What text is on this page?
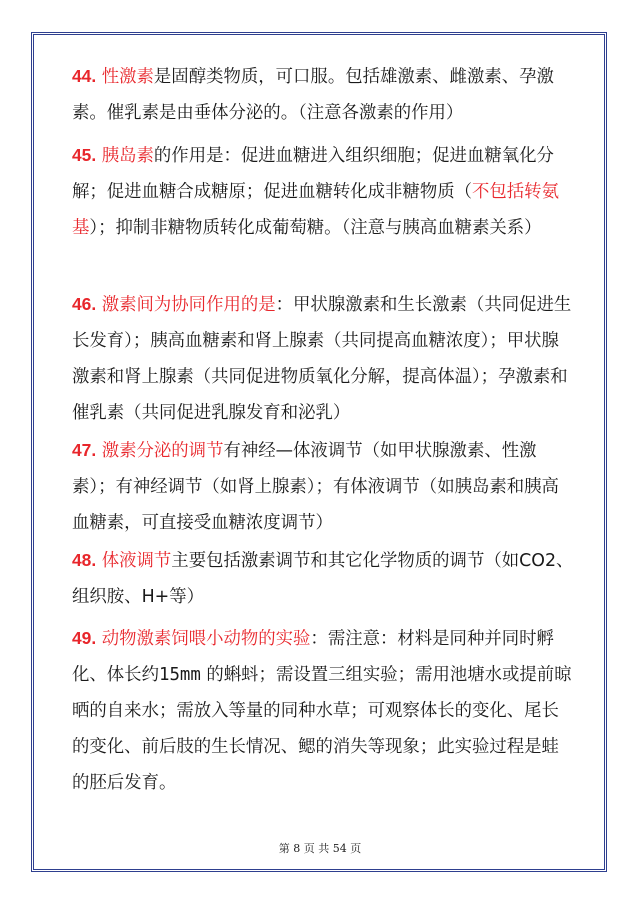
44. 性激素是固醇类物质，可口服。包括雄激素、雌激素、孕激素。催乳素是由垂体分泌的。（注意各激素的作用）

45. 胰岛素的作用是：促进血糖进入组织细胞；促进血糖氧化分解；促进血糖合成糖原；促进血糖转化成非糖物质（不包括转氨基）；抑制非糖物质转化成葡萄糖。（注意与胰高血糖素关系）

46. 激素间为协同作用的是：甲状腺激素和生长激素（共同促进生长发育）；胰高血糖素和肾上腺素（共同提高血糖浓度）；甲状腺激素和肾上腺素（共同促进物质氧化分解，提高体温）；孕激素和催乳素（共同促进乳腺发育和泌乳）

47. 激素分泌的调节有神经—体液调节（如甲状腺激素、性激素）；有神经调节（如肾上腺素）；有体液调节（如胰岛素和胰高血糖素，可直接受血糖浓度调节）

48. 体液调节主要包括激素调节和其它化学物质的调节（如CO2、组织胺、H+等）

49. 动物激素饲喂小动物的实验：需注意：材料是同种并同时孵化、体长约15mm 的蝌蚪；需设置三组实验；需用池塘水或提前晾晒的自来水；需放入等量的同种水草；可观察体长的变化、尾长的变化、前后肢的生长情况、鳃的消失等现象；此实验过程是蛙的胚后发育。

第 8 页 共 54 页
